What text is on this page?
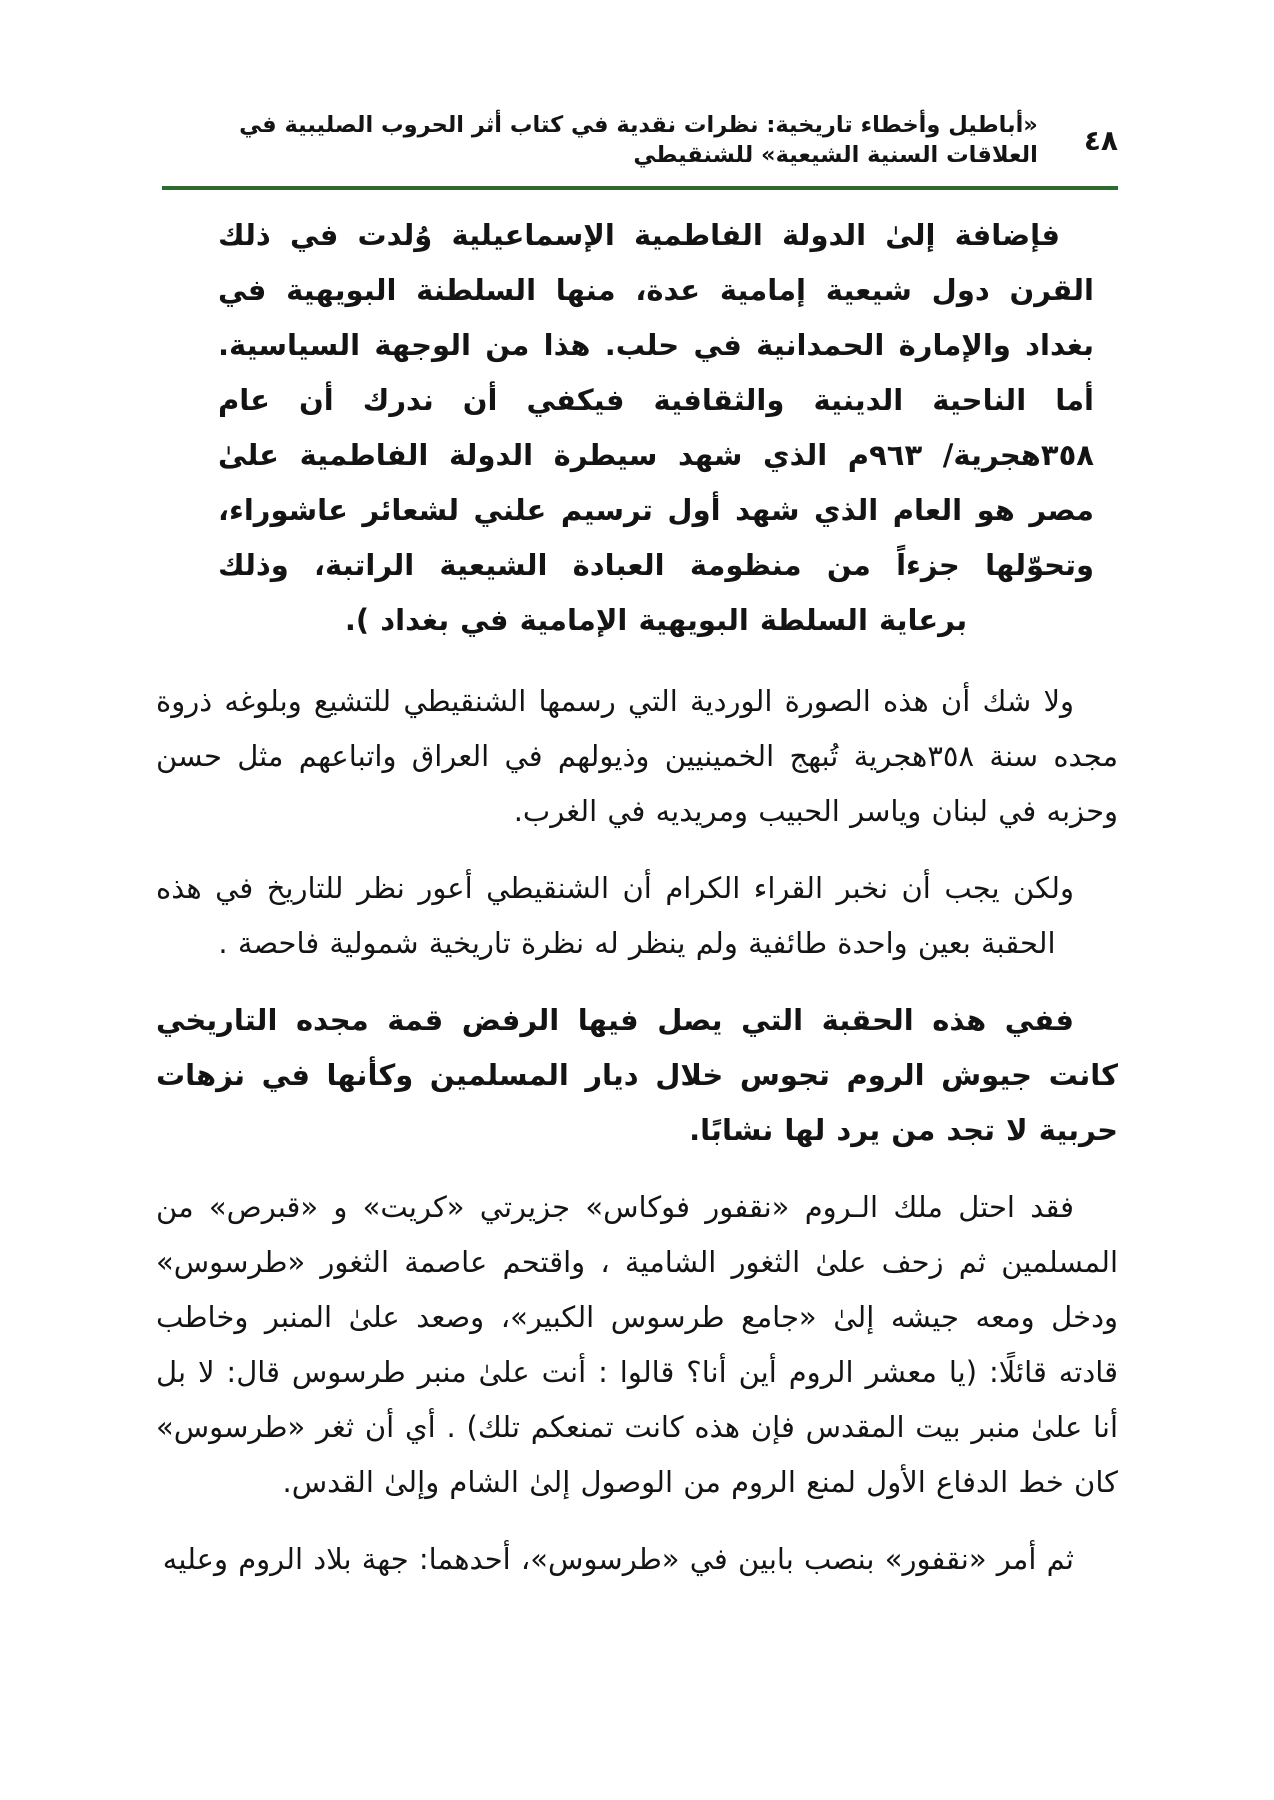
٤٨
«أباطيل وأخطاء تاريخية: نظرات نقدية في كتاب أثر الحروب الصليبية في العلاقات السنية الشيعية» للشنقيطي

فإضافة إلىٰ الدولة الفاطمية الإسماعيلية وُلدت في ذلك القرن دول شيعية إمامية عدة، منها السلطنة البويهية في بغداد والإمارة الحمدانية في حلب. هذا من الوجهة السياسية. أما الناحية الدينية والثقافية فيكفي أن ندرك أن عام ٣٥٨هجرية/ ٩٦٣م الذي شهد سيطرة الدولة الفاطمية علىٰ مصر هو العام الذي شهد أول ترسيم علني لشعائر عاشوراء، وتحوّلها جزءاً من منظومة العبادة الشيعية الراتبة، وذلك برعاية السلطة البويهية الإمامية في بغداد ).

ولا شك أن هذه الصورة الوردية التي رسمها الشنقيطي للتشيع وبلوغه ذروة مجده سنة ٣٥٨هجرية تُبهج الخمينيين وذيولهم في العراق واتباعهم مثل حسن وحزبه في لبنان وياسر الحبيب ومريديه في الغرب.

ولكن يجب أن نخبر القراء الكرام أن الشنقيطي أعور نظر للتاريخ في هذه الحقبة بعين واحدة طائفية ولم ينظر له نظرة تاريخية شمولية فاحصة .

ففي هذه الحقبة التي يصل فيها الرفض قمة مجده التاريخي كانت جيوش الروم تجوس خلال ديار المسلمين وكأنها في نزهات حربية لا تجد من يرد لها نشابًا.

فقد احتل ملك الـروم «نقفور فوكاس» جزيرتي «كريت» و «قبرص» من المسلمين ثم زحف علىٰ الثغور الشامية ، واقتحم عاصمة الثغور «طرسوس» ودخل ومعه جيشه إلىٰ «جامع طرسوس الكبير»، وصعد علىٰ المنبر وخاطب قادته قائلًا: (يا معشر الروم أين أنا؟ قالوا : أنت علىٰ منبر طرسوس قال: لا بل أنا علىٰ منبر بيت المقدس فإن هذه كانت تمنعكم تلك) . أي أن ثغر «طرسوس» كان خط الدفاع الأول لمنع الروم من الوصول إلىٰ الشام وإلىٰ القدس.

ثم أمر «نقفور» بنصب بابين في «طرسوس»، أحدهما: جهة بلاد الروم وعليه
